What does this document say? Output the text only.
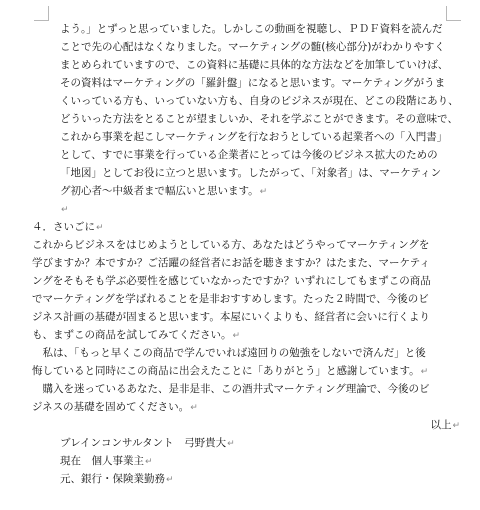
よう。」とずっと思っていました。しかしこの動画を視聴し、ＰＤＦ資料を読んだ
ことで先の心配はなくなりました。マーケティングの髄(核心部分)がわかりやすく
まとめられていますので、この資料に基礎に具体的な方法などを加筆していけば、
その資料はマーケティングの「羅針盤」になると思います。マーケティングがうま
くいっている方も、いっていない方も、自身のビジネスが現在、どこの段階にあり、
どういった方法をとることが望ましいか、それを学ぶことができます。その意味で、
これから事業を起こしマーケティングを行なおうとしている起業者への「入門書」
として、すでに事業を行っている企業者にとっては今後のビジネス拡大のための
「地図」としてお役に立つと思います。したがって、「対象者」は、マーケティン
グ初心者～中級者まで幅広いと思います。↵
↵
４．さいごに↵
これからビジネスをはじめようとしている方、あなたはどうやってマーケティングを
学びますか？本ですか？ご活躍の経営者にお話を聴きますか？はたまた、マーケティ
ングをそもそも学ぶ必要性を感じていなかったですか？いずれにしてもまずこの商品
でマーケティングを学ばれることを是非おすすめします。たった２時間で、今後のビ
ジネス計画の基礎が固まると思います。本屋にいくよりも、経営者に会いに行くより
も、まずこの商品を試してみてください。↵
　私は、「もっと早くこの商品で学んでいれば遠回りの勉強をしないで済んだ」と後
悔していると同時にこの商品に出会えたことに「ありがとう」と感謝しています。↵
　購入を迷っているあなた、是非是非、この酒井式マーケティング理論で、今後のビ
ジネスの基礎を固めてください。↵
以上↵
ブレインコンサルタント　弓野貴大↵
現在　個人事業主↵
元、銀行・保険業勤務↵
